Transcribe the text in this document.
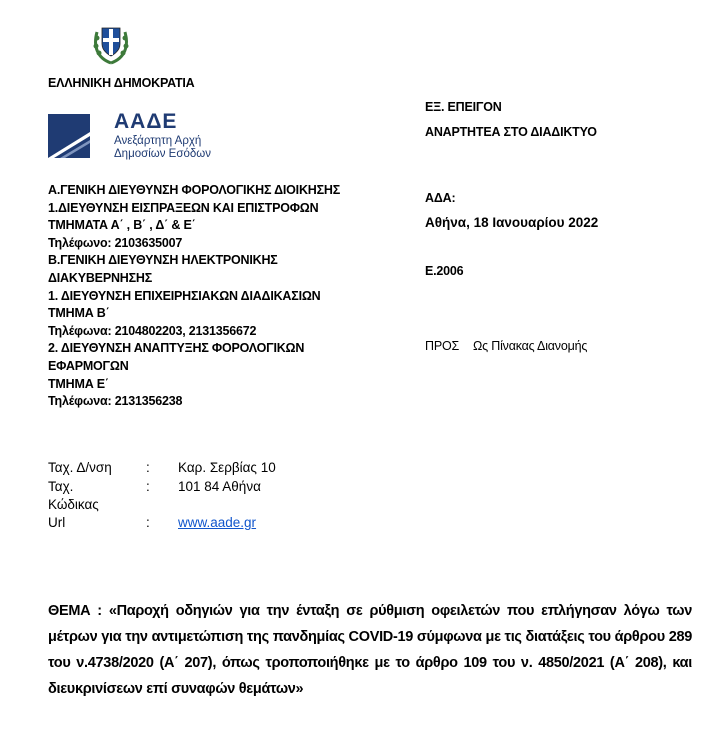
ΕΛΛΗΝΙΚΗ ΔΗΜΟΚΡΑΤΙΑ
ΑΑΔΕ
Ανεξάρτητη Αρχή
Δημοσίων Εσόδων
ΕΞ. ΕΠΕΙΓΟΝ
ΑΝΑΡΤΗΤΕΑ ΣΤΟ ΔΙΑΔΙΚΤΥΟ
Α.ΓΕΝΙΚΗ ΔΙΕΥΘΥΝΣΗ ΦΟΡΟΛΟΓΙΚΗΣ ΔΙΟΙΚΗΣΗΣ
1.ΔΙΕΥΘΥΝΣΗ ΕΙΣΠΡΑΞΕΩΝ ΚΑΙ ΕΠΙΣΤΡΟΦΩΝ
ΤΜΗΜΑΤΑ Α΄ , Β΄ , Δ΄ & Ε΄
Τηλέφωνο: 2103635007
Β.ΓΕΝΙΚΗ ΔΙΕΥΘΥΝΣΗ ΗΛΕΚΤΡΟΝΙΚΗΣ
ΔΙΑΚΥΒΕΡΝΗΣΗΣ
1. ΔΙΕΥΘΥΝΣΗ ΕΠΙΧΕΙΡΗΣΙΑΚΩΝ ΔΙΑΔΙΚΑΣΙΩΝ
ΤΜΗΜΑ Β΄
Τηλέφωνα: 2104802203, 2131356672
2. ΔΙΕΥΘΥΝΣΗ ΑΝΑΠΤΥΞΗΣ ΦΟΡΟΛΟΓΙΚΩΝ
ΕΦΑΡΜΟΓΩΝ
ΤΜΗΜΑ Ε΄
Τηλέφωνα: 2131356238
ΑΔΑ:
Αθήνα, 18 Ιανουαρίου 2022
Ε.2006
ΠΡΟΣ Ως Πίνακας Διανομής
Ταχ. Δ/νση	: Καρ. Σερβίας 10
Ταχ.
Κώδικας
: 101 84 Αθήνα
Url	: www.aade.gr
ΘΕΜΑ : «Παροχή οδηγιών για την ένταξη σε ρύθμιση οφειλετών που επλήγησαν λόγω των μέτρων για την αντιμετώπιση της πανδημίας COVID-19 σύμφωνα με τις διατάξεις του άρθρου 289 του ν.4738/2020 (Α΄ 207), όπως τροποποιήθηκε με το άρθρο 109 του ν. 4850/2021 (Α΄ 208), και διευκρινίσεων επί συναφών θεμάτων»
